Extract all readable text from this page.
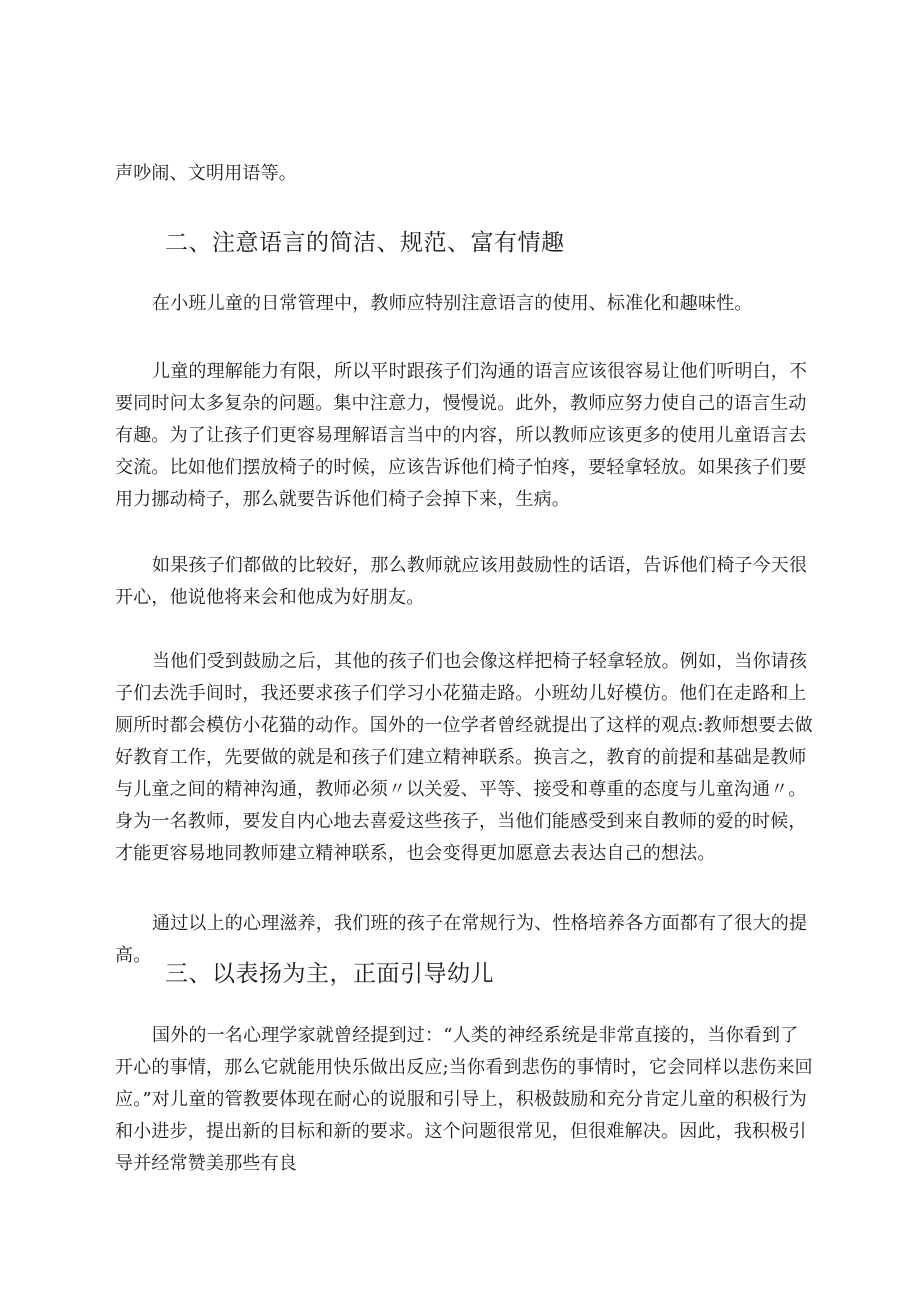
声吵闹、文明用语等。

二、注意语言的简洁、规范、富有情趣

在小班儿童的日常管理中，教师应特别注意语言的使用、标准化和趣味性。

儿童的理解能力有限，所以平时跟孩子们沟通的语言应该很容易让他们听明白，不要同时问太多复杂的问题。集中注意力，慢慢说。此外，教师应努力使自己的语言生动有趣。为了让孩子们更容易理解语言当中的内容，所以教师应该更多的使用儿童语言去交流。比如他们摆放椅子的时候，应该告诉他们椅子怕疼，要轻拿轻放。如果孩子们要用力挪动椅子，那么就要告诉他们椅子会掉下来，生病。

如果孩子们都做的比较好，那么教师就应该用鼓励性的话语，告诉他们椅子今天很开心，他说他将来会和他成为好朋友。

当他们受到鼓励之后，其他的孩子们也会像这样把椅子轻拿轻放。例如，当你请孩子们去洗手间时，我还要求孩子们学习小花猫走路。小班幼儿好模仿。他们在走路和上厕所时都会模仿小花猫的动作。国外的一位学者曾经就提出了这样的观点:教师想要去做好教育工作，先要做的就是和孩子们建立精神联系。换言之，教育的前提和基础是教师与儿童之间的精神沟通，教师必须〃以关爱、平等、接受和尊重的态度与儿童沟通〃。身为一名教师，要发自内心地去喜爱这些孩子，当他们能感受到来自教师的爱的时候，才能更容易地同教师建立精神联系，也会变得更加愿意去表达自己的想法。

通过以上的心理滋养，我们班的孩子在常规行为、性格培养各方面都有了很大的提高。

三、以表扬为主，正面引导幼儿

国外的一名心理学家就曾经提到过：“人类的神经系统是非常直接的，当你看到了开心的事情，那么它就能用快乐做出反应;当你看到悲伤的事情时，它会同样以悲伤来回应。”对儿童的管教要体现在耐心的说服和引导上，积极鼓励和充分肯定儿童的积极行为和小进步，提出新的目标和新的要求。这个问题很常见，但很难解决。因此，我积极引导并经常赞美那些有良
